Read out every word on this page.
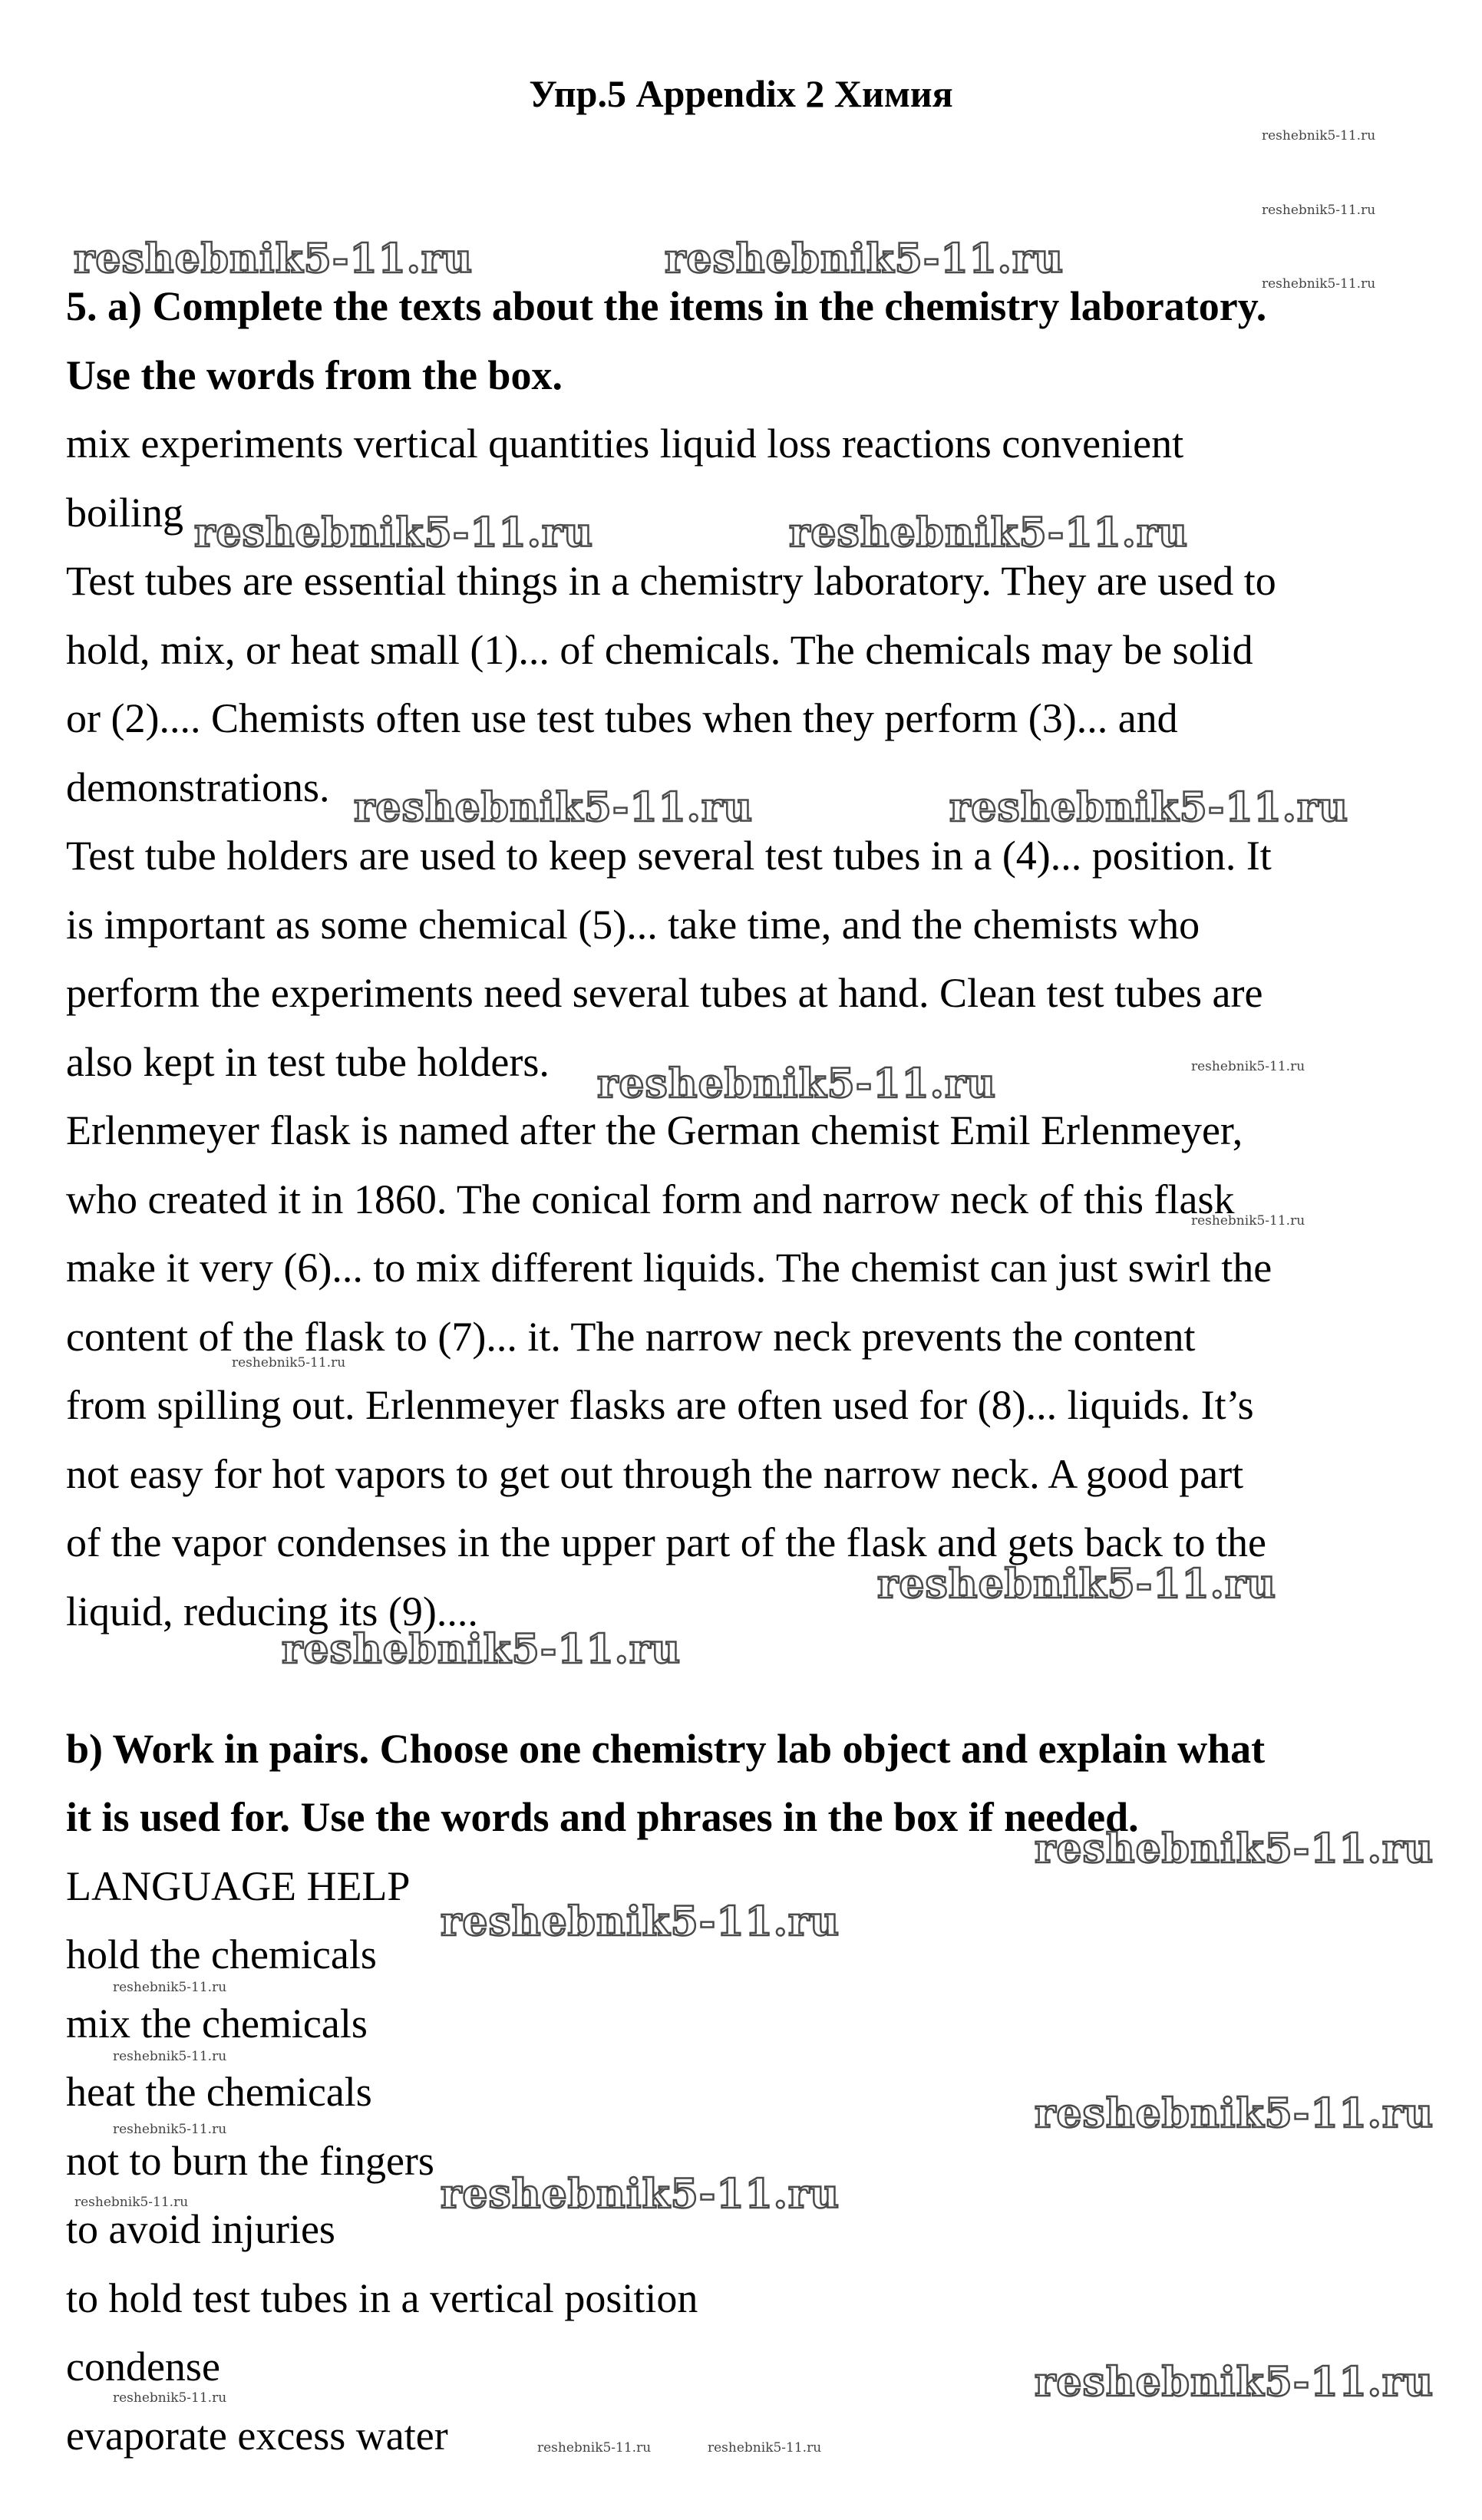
Упр.5 Appendix 2 Химия
5. a) Complete the texts about the items in the chemistry laboratory.
Use the words from the box.
mix experiments vertical quantities liquid loss reactions convenient
boiling
Test tubes are essential things in a chemistry laboratory. They are used to
hold, mix, or heat small (1)... of chemicals. The chemicals may be solid
or (2).... Chemists often use test tubes when they perform (3)... and
demonstrations.
Test tube holders are used to keep several test tubes in a (4)... position. It
is important as some chemical (5)... take time, and the chemists who
perform the experiments need several tubes at hand. Clean test tubes are
also kept in test tube holders.
Erlenmeyer flask is named after the German chemist Emil Erlenmeyer,
who created it in 1860. The conical form and narrow neck of this flask
make it very (6)... to mix different liquids. The chemist can just swirl the
content of the flask to (7)... it. The narrow neck prevents the content
from spilling out. Erlenmeyer flasks are often used for (8)... liquids. It’s
not easy for hot vapors to get out through the narrow neck. A good part
of the vapor condenses in the upper part of the flask and gets back to the
liquid, reducing its (9)....
b) Work in pairs. Choose one chemistry lab object and explain what
it is used for. Use the words and phrases in the box if needed.
LANGUAGE HELP
hold the chemicals
mix the chemicals
heat the chemicals
not to burn the fingers
to avoid injuries
to hold test tubes in a vertical position
condense
evaporate excess water
reshebnik5-11.ru	reshebnik5-11.ru
reshebnik5-11.ru	reshebnik5-11.ru
reshebnik5-11.ru	reshebnik5-11.ru
reshebnik5-11.ru
reshebnik5-11.ru
reshebnik5-11.ru
reshebnik5-11.ru
reshebnik5-11.ru
reshebnik5-11.ru
reshebnik5-11.ru
reshebnik5-11.ru
reshebnik5-11.ru
reshebnik5-11.ru
reshebnik5-11.ru
reshebnik5-11.ru
reshebnik5-11.ru
reshebnik5-11.ru
reshebnik5-11.ru
reshebnik5-11.ru
reshebnik5-11.ru
reshebnik5-11.ru
reshebnik5-11.ru
reshebnik5-11.ru	reshebnik5-11.ru
